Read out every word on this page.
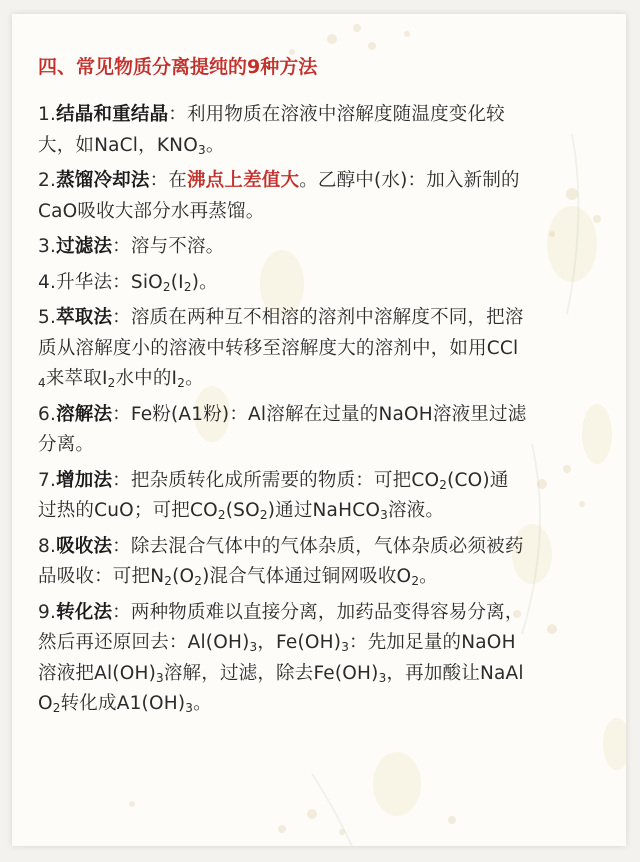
四、常见物质分离提纯的9种方法
1.结晶和重结晶：利用物质在溶液中溶解度随温度变化较
大，如NaCl，$KNO_3$。
2.蒸馏冷却法：在沸点上差值大。乙醇中(水)：加入新制的
CaO吸收大部分水再蒸馏。
3.过滤法：溶与不溶。
4.升华法：$SiO_2(I_2)$。
5.萃取法：溶质在两种互不相溶的溶剂中溶解度不同，把溶
质从溶解度小的溶液中转移至溶解度大的溶剂中，如用CCl
$_4$来萃取$I_2$水中的$I_2$。
6.溶解法：Fe粉(A1粉)：Al溶解在过量的NaOH溶液里过滤
分离。
7.增加法：把杂质转化成所需要的物质：可把$CO_2(CO)$通
过热的CuO；可把$CO_2(SO_2)$通过NaHCO$_3$溶液。
8.吸收法：除去混合气体中的气体杂质，气体杂质必须被药
品吸收：可把$N_2(O_2)$混合气体通过铜网吸收$O_2$。
9.转化法：两种物质难以直接分离，加药品变得容易分离，
然后再还原回去：$Al(OH)_3$，$Fe(OH)_3$：先加足量的NaOH
溶液把$Al(OH)_3$溶解，过滤，除去$Fe(OH)_3$，再加酸让NaAl
$O_2$转化成$A1(OH)_3$。
